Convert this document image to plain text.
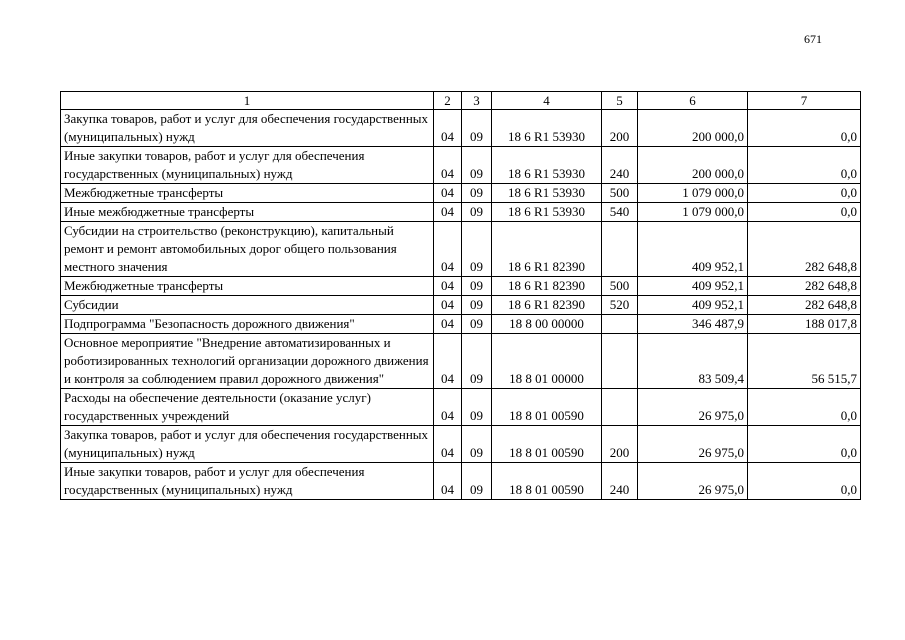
671
1	2	3	4	5	6	7
Закупка товаров, работ и услуг для обеспечения государственных (муниципальных) нужд	04	09	18 6 R1 53930	200	200 000,0	0,0
Иные закупки товаров, работ и услуг для обеспечения государственных (муниципальных) нужд	04	09	18 6 R1 53930	240	200 000,0	0,0
Межбюджетные трансферты	04	09	18 6 R1 53930	500	1 079 000,0	0,0
Иные межбюджетные трансферты	04	09	18 6 R1 53930	540	1 079 000,0	0,0
Субсидии на строительство (реконструкцию), капитальный ремонт и ремонт автомобильных дорог общего пользования местного значения	04	09	18 6 R1 82390		409 952,1	282 648,8
Межбюджетные трансферты	04	09	18 6 R1 82390	500	409 952,1	282 648,8
Субсидии	04	09	18 6 R1 82390	520	409 952,1	282 648,8
Подпрограмма "Безопасность дорожного движения"	04	09	18 8 00 00000		346 487,9	188 017,8
Основное мероприятие "Внедрение автоматизированных и роботизированных технологий организации дорожного движения и контроля за соблюдением правил дорожного движения"	04	09	18 8 01 00000		83 509,4	56 515,7
Расходы на обеспечение деятельности (оказание услуг) государственных учреждений	04	09	18 8 01 00590		26 975,0	0,0
Закупка товаров, работ и услуг для обеспечения государственных (муниципальных) нужд	04	09	18 8 01 00590	200	26 975,0	0,0
Иные закупки товаров, работ и услуг для обеспечения государственных (муниципальных) нужд	04	09	18 8 01 00590	240	26 975,0	0,0
